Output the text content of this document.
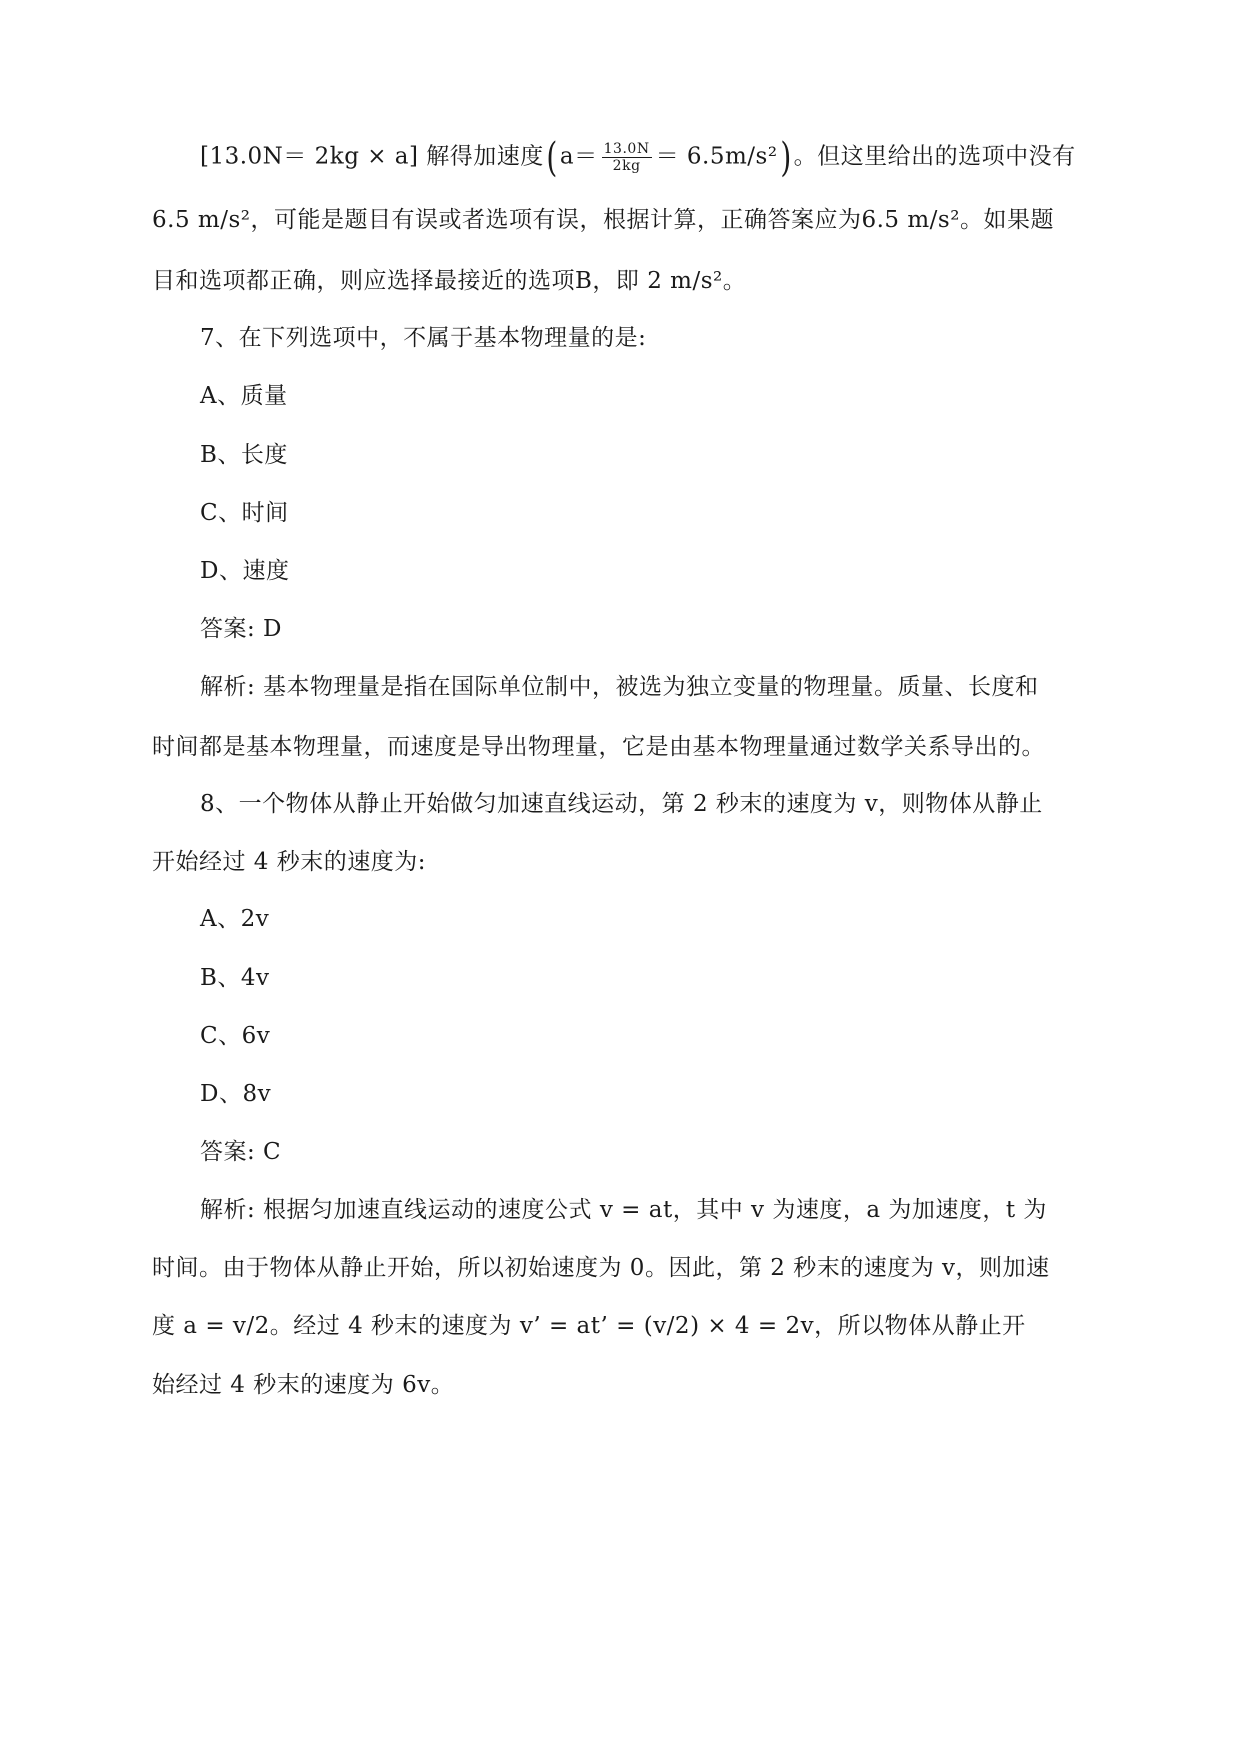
[13.0N＝ 2kg × a] 解得加速度( $a= \frac{13.0N}{2kg} = 6.5m/s^2$) 。但这里给出的选项中没有
6.5 m/s²，可能是题目有误或者选项有误，根据计算，正确答案应为6.5 m/s²。如果题
目和选项都正确，则应选择最接近的选项B，即 2 m/s²。
7、在下列选项中，不属于基本物理量的是:
A、质量
B、长度
C、时间
D、速度
答案: D
解析: 基本物理量是指在国际单位制中，被选为独立变量的物理量。质量、长度和
时间都是基本物理量，而速度是导出物理量，它是由基本物理量通过数学关系导出的。
8、一个物体从静止开始做匀加速直线运动，第 2 秒末的速度为 v，则物体从静止
开始经过 4 秒末的速度为:
A、2v
B、4v
C、6v
D、8v
答案: C
解析: 根据匀加速直线运动的速度公式 v = at，其中 v 为速度，a 为加速度，t 为
时间。由于物体从静止开始，所以初始速度为 0。因此，第 2 秒末的速度为 v，则加速
度 a = v/2。经过 4 秒末的速度为 v’ = at’ = (v/2) × 4 = 2v，所以物体从静止开
始经过 4 秒末的速度为 6v。
